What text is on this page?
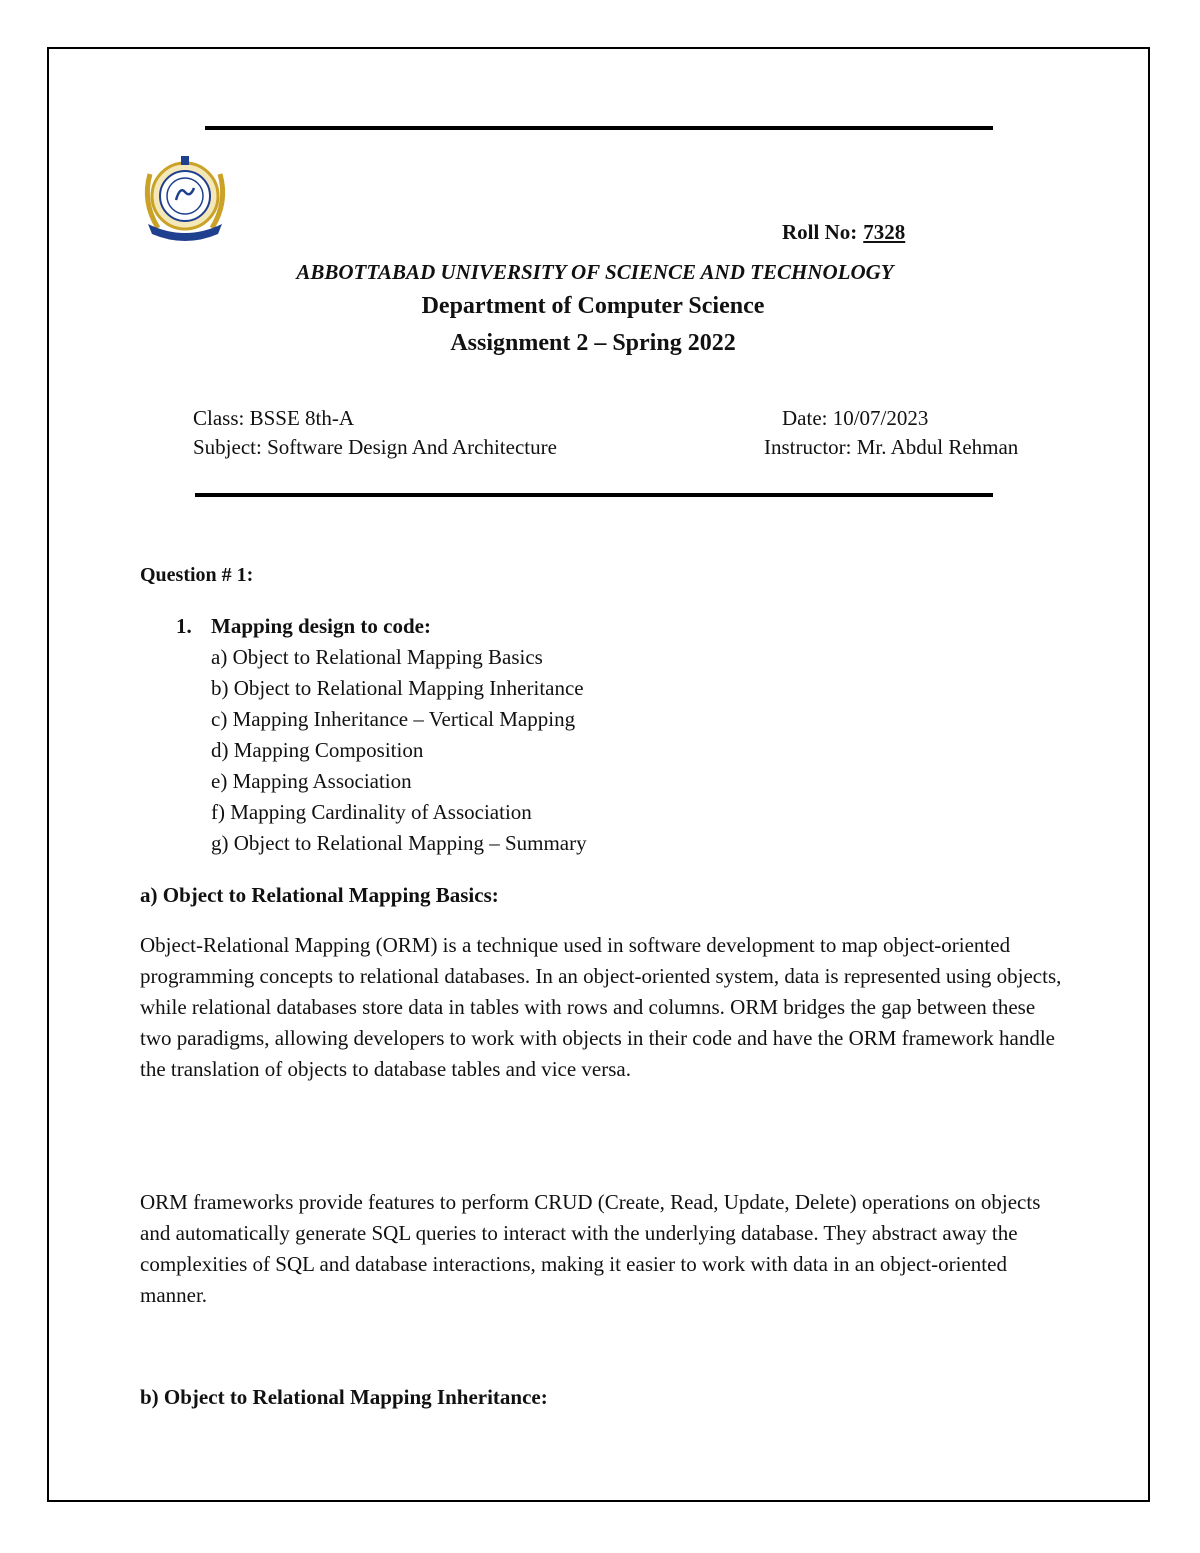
Roll No: 7328
ABBOTTABAD UNIVERSITY OF SCIENCE AND TECHNOLOGY
Department of Computer Science
Assignment 2 – Spring 2022
Class: BSSE 8th-A	Date: 10/07/2023
Subject: Software Design And Architecture	Instructor: Mr. Abdul Rehman
Question # 1:
1. Mapping design to code:
a) Object to Relational Mapping Basics
b) Object to Relational Mapping Inheritance
c) Mapping Inheritance – Vertical Mapping
d) Mapping Composition
e) Mapping Association
f) Mapping Cardinality of Association
g) Object to Relational Mapping – Summary
a) Object to Relational Mapping Basics:

Object-Relational Mapping (ORM) is a technique used in software development to map object-oriented programming concepts to relational databases. In an object-oriented system, data is represented using objects, while relational databases store data in tables with rows and columns. ORM bridges the gap between these two paradigms, allowing developers to work with objects in their code and have the ORM framework handle the translation of objects to database tables and vice versa.

ORM frameworks provide features to perform CRUD (Create, Read, Update, Delete) operations on objects and automatically generate SQL queries to interact with the underlying database. They abstract away the complexities of SQL and database interactions, making it easier to work with data in an object-oriented manner.

b) Object to Relational Mapping Inheritance:
